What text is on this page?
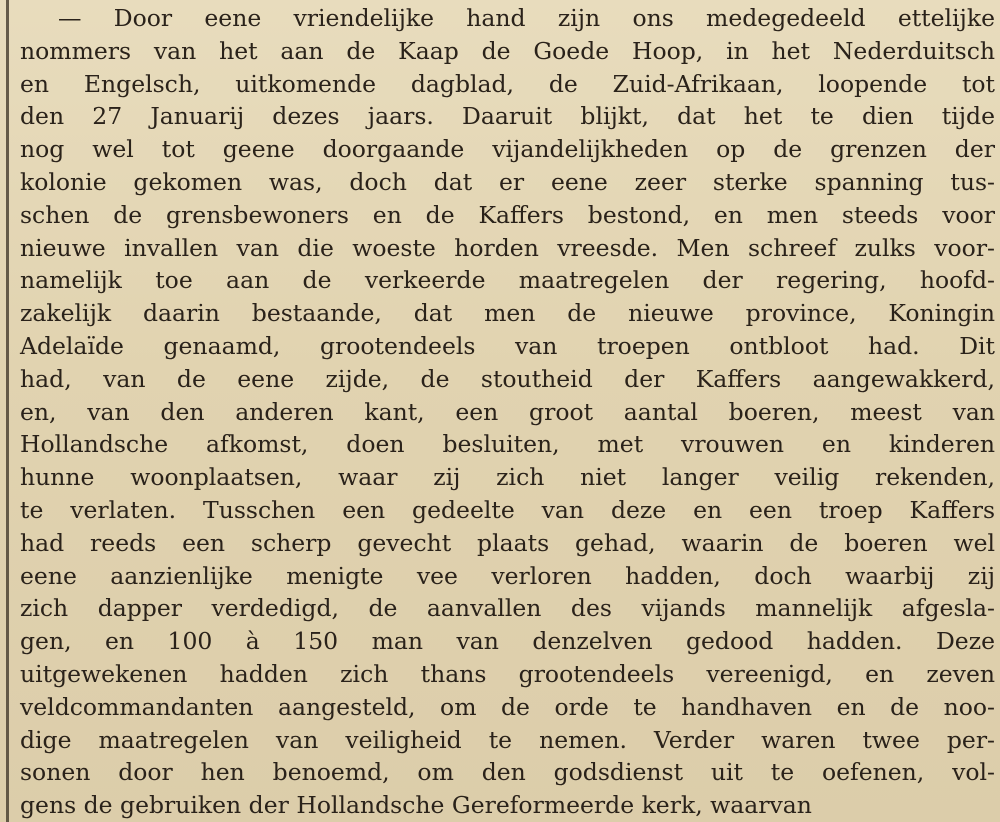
— Door eene vriendelijke hand zijn ons medegedeeld ettelijke
nommers van het aan de Kaap de Goede Hoop, in het Nederduitsch
en Engelsch, uitkomende dagblad, de Zuid-Afrikaan, loopende tot
den 27 Januarij dezes jaars. Daaruit blijkt, dat het te dien tijde
nog wel tot geene doorgaande vijandelijkheden op de grenzen der
kolonie gekomen was, doch dat er eene zeer sterke spanning tus-
schen de grensbewoners en de Kaffers bestond, en men steeds voor
nieuwe invallen van die woeste horden vreesde. Men schreef zulks voor-
namelijk toe aan de verkeerde maatregelen der regering, hoofd-
zakelijk daarin bestaande, dat men de nieuwe province, Koningin
Adelaïde genaamd, grootendeels van troepen ontbloot had. Dit
had, van de eene zijde, de stoutheid der Kaffers aangewakkerd,
en, van den anderen kant, een groot aantal boeren, meest van
Hollandsche afkomst, doen besluiten, met vrouwen en kinderen
hunne woonplaatsen, waar zij zich niet langer veilig rekenden,
te verlaten. Tusschen een gedeelte van deze en een troep Kaffers
had reeds een scherp gevecht plaats gehad, waarin de boeren wel
eene aanzienlijke menigte vee verloren hadden, doch waarbij zij
zich dapper verdedigd, de aanvallen des vijands mannelijk afgesla-
gen, en 100 à 150 man van denzelven gedood hadden. Deze
uitgewekenen hadden zich thans grootendeels vereenigd, en zeven
veldcommandanten aangesteld, om de orde te handhaven en de noo-
dige maatregelen van veiligheid te nemen. Verder waren twee per-
sonen door hen benoemd, om den godsdienst uit te oefenen, vol-
gens de gebruiken der Hollandsche Gereformeerde kerk, waarvan
